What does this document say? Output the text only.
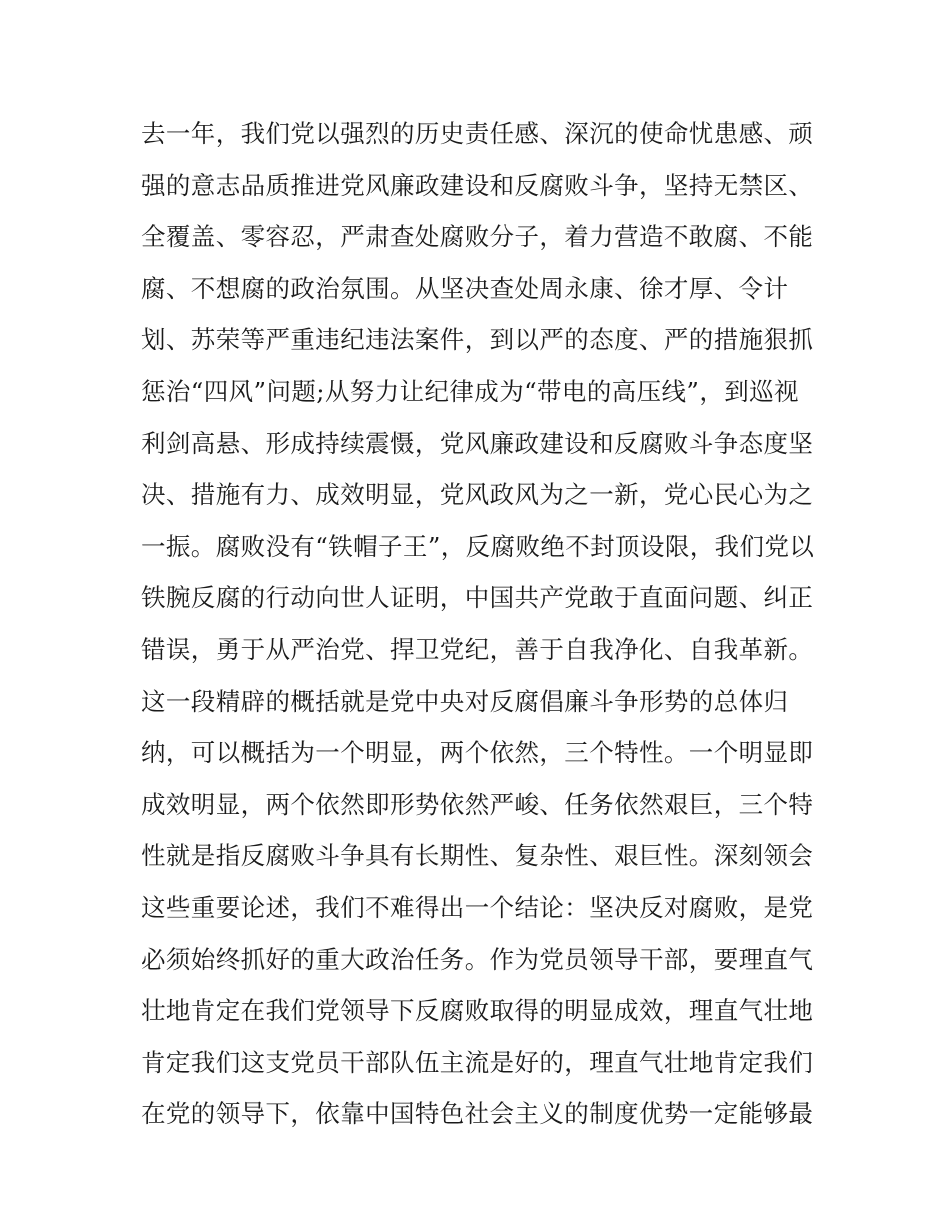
去一年，我们党以强烈的历史责任感、深沉的使命忧患感、顽
强的意志品质推进党风廉政建设和反腐败斗争，坚持无禁区、
全覆盖、零容忍，严肃查处腐败分子，着力营造不敢腐、不能
腐、不想腐的政治氛围。从坚决查处周永康、徐才厚、令计
划、苏荣等严重违纪违法案件，到以严的态度、严的措施狠抓
惩治“四风”问题;从努力让纪律成为“带电的高压线”，到巡视
利剑高悬、形成持续震慑，党风廉政建设和反腐败斗争态度坚
决、措施有力、成效明显，党风政风为之一新，党心民心为之
一振。腐败没有“铁帽子王”，反腐败绝不封顶设限，我们党以
铁腕反腐的行动向世人证明，中国共产党敢于直面问题、纠正
错误，勇于从严治党、捍卫党纪，善于自我净化、自我革新。
这一段精辟的概括就是党中央对反腐倡廉斗争形势的总体归
纳，可以概括为一个明显，两个依然，三个特性。一个明显即
成效明显，两个依然即形势依然严峻、任务依然艰巨，三个特
性就是指反腐败斗争具有长期性、复杂性、艰巨性。深刻领会
这些重要论述，我们不难得出一个结论：坚决反对腐败，是党
必须始终抓好的重大政治任务。作为党员领导干部，要理直气
壮地肯定在我们党领导下反腐败取得的明显成效，理直气壮地
肯定我们这支党员干部队伍主流是好的，理直气壮地肯定我们
在党的领导下，依靠中国特色社会主义的制度优势一定能够最
